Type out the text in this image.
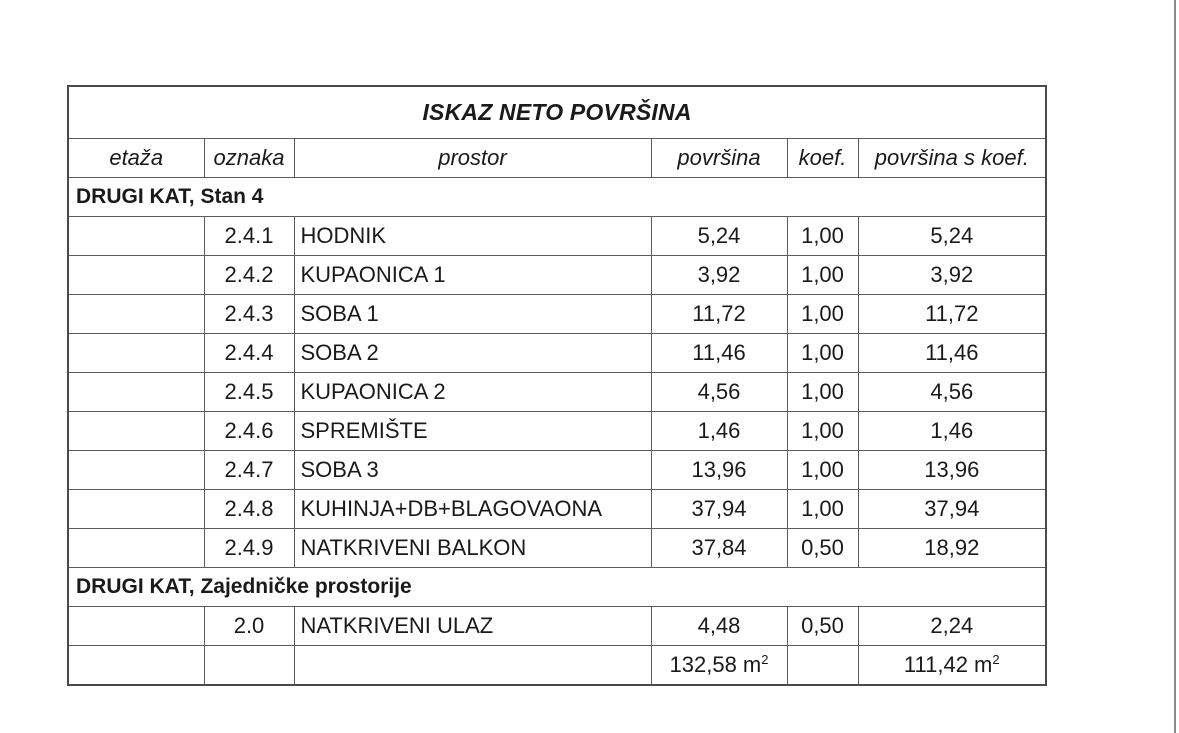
ISKAZ NETO POVRŠINA					
etaža	oznaka	prostor	površina	koef.	površina s koef.
DRUGI KAT, Stan 4					
	2.4.1	HODNIK	5,24	1,00	5,24
	2.4.2	KUPAONICA 1	3,92	1,00	3,92
	2.4.3	SOBA 1	11,72	1,00	11,72
	2.4.4	SOBA 2	11,46	1,00	11,46
	2.4.5	KUPAONICA 2	4,56	1,00	4,56
	2.4.6	SPREMIŠTE	1,46	1,00	1,46
	2.4.7	SOBA 3	13,96	1,00	13,96
	2.4.8	KUHINJA+DB+BLAGOVAONA	37,94	1,00	37,94
	2.4.9	NATKRIVENI BALKON	37,84	0,50	18,92
DRUGI KAT, Zajedničke prostorije					
	2.0	NATKRIVENI ULAZ	4,48	0,50	2,24
			132,58 $m^2$		111,42 $m^2$
